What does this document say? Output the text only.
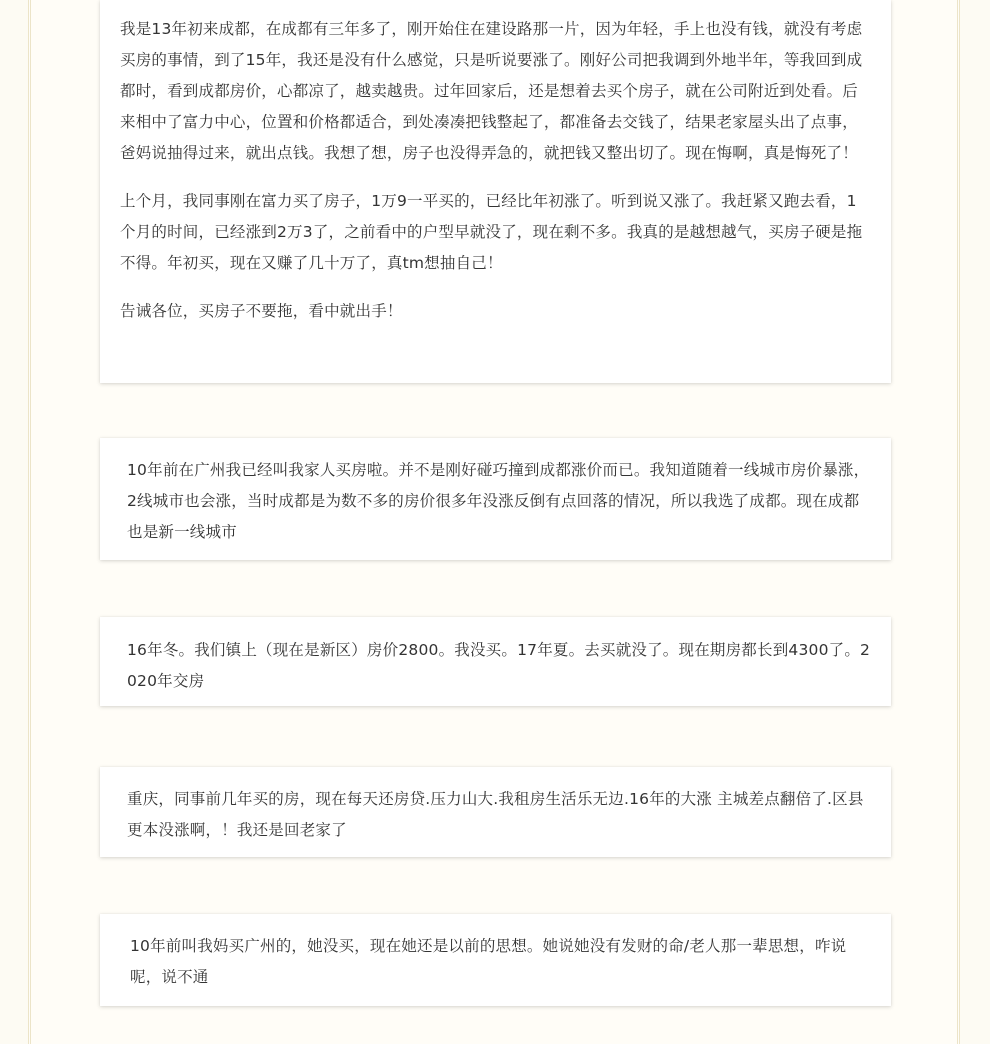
我是13年初来成都，在成都有三年多了，刚开始住在建设路那一片，因为年轻，手上也没有钱，就没有考虑买房的事情，到了15年，我还是没有什么感觉，只是听说要涨了。刚好公司把我调到外地半年，等我回到成都时，看到成都房价，心都凉了，越卖越贵。过年回家后，还是想着去买个房子，就在公司附近到处看。后来相中了富力中心，位置和价格都适合，到处凑凑把钱整起了，都准备去交钱了，结果老家屋头出了点事，爸妈说抽得过来，就出点钱。我想了想，房子也没得弄急的，就把钱又整出切了。现在悔啊，真是悔死了！

上个月，我同事刚在富力买了房子，1万9一平买的，已经比年初涨了。听到说又涨了。我赶紧又跑去看，1个月的时间，已经涨到2万3了，之前看中的户型早就没了，现在剩不多。我真的是越想越气，买房子硬是拖不得。年初买，现在又赚了几十万了，真tm想抽自己！

告诫各位，买房子不要拖，看中就出手！

10年前在广州我已经叫我家人买房啦。并不是刚好碰巧撞到成都涨价而已。我知道随着一线城市房价暴涨，2线城市也会涨，当时成都是为数不多的房价很多年没涨反倒有点回落的情况，所以我选了成都。现在成都也是新一线城市

16年冬。我们镇上（现在是新区）房价2800。我没买。17年夏。去买就没了。现在期房都长到4300了。2020年交房

重庆，同事前几年买的房，现在每天还房贷.压力山大.我租房生活乐无边.16年的大涨 主城差点翻倍了.区县更本没涨啊，！我还是回老家了

10年前叫我妈买广州的，她没买，现在她还是以前的思想。她说她没有发财的命/老人那一辈思想，咋说呢，说不通
